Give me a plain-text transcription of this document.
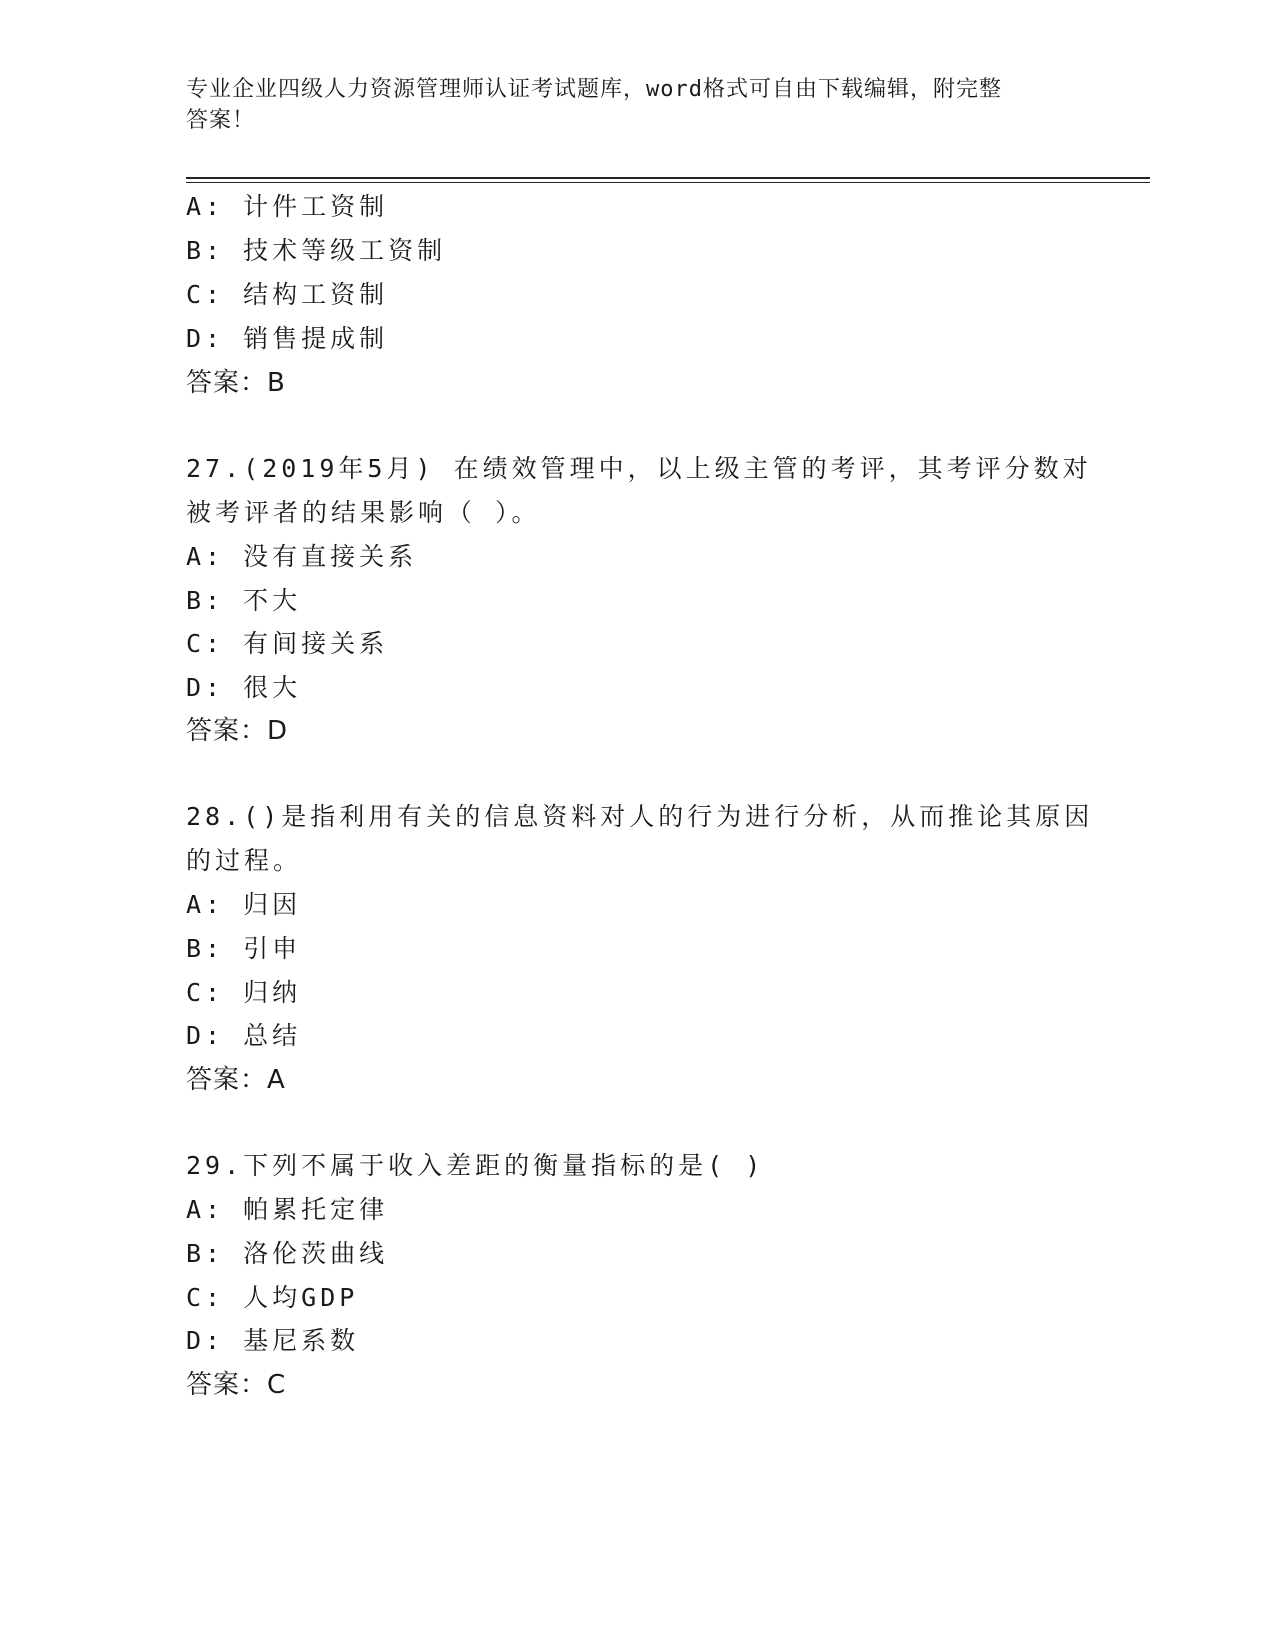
专业企业四级人力资源管理师认证考试题库，word格式可自由下载编辑，附完整
答案！
A: 计件工资制
B: 技术等级工资制
C: 结构工资制
D: 销售提成制
答案：B
27.(2019年5月) 在绩效管理中，以上级主管的考评，其考评分数对
被考评者的结果影响（ ）。
A: 没有直接关系
B: 不大
C: 有间接关系
D: 很大
答案：D
28.()是指利用有关的信息资料对人的行为进行分析，从而推论其原因
的过程。
A: 归因
B: 引申
C: 归纳
D: 总结
答案：A
29.下列不属于收入差距的衡量指标的是( )
A: 帕累托定律
B: 洛伦茨曲线
C: 人均GDP
D: 基尼系数
答案：C
